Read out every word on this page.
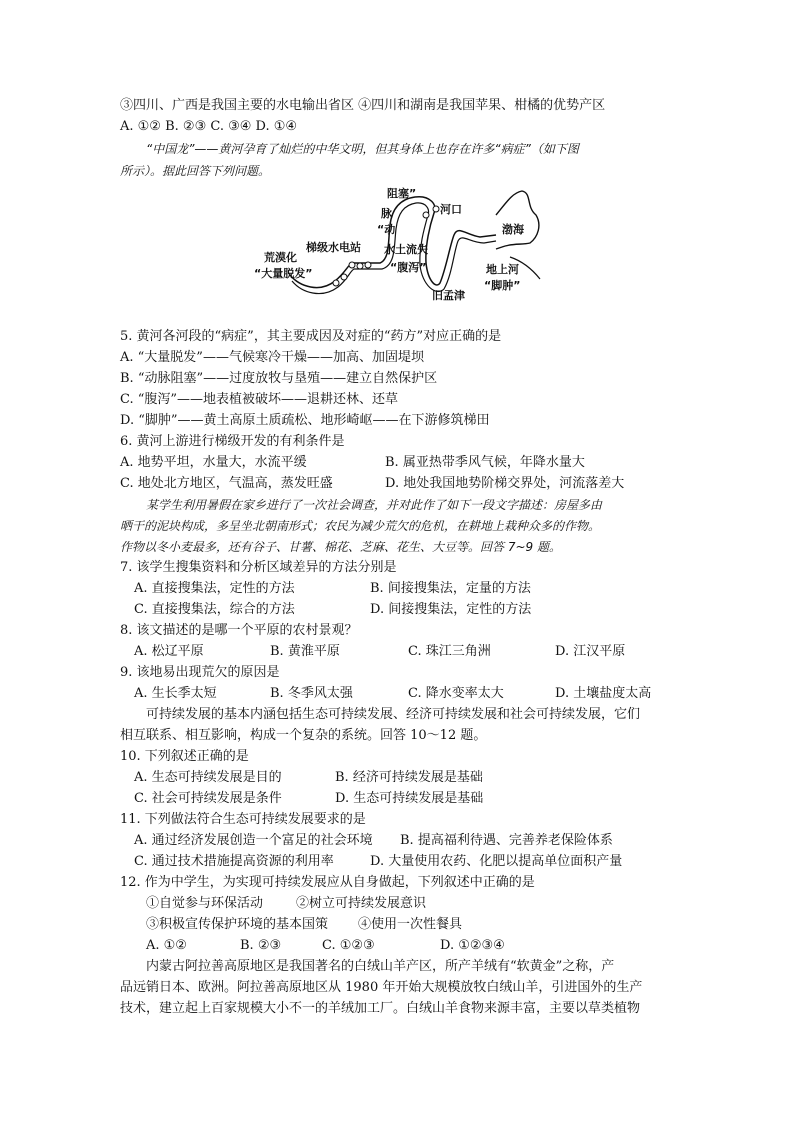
③四川、广西是我国主要的水电输出省区 ④四川和湖南是我国苹果、柑橘的优势产区
A. ①② B. ②③ C. ③④ D. ①④
“中国龙”——黄河孕育了灿烂的中华文明，但其身体上也存在许多“病症”（如下图
所示）。据此回答下列问题。
阻塞”
脉
“动
河口
渤海
梯级水电站 水土流失
“腹泻”
荒漠化
“大量脱发”	地上河
“脚肿”
旧孟津
5. 黄河各河段的“病症”，其主要成因及对症的“药方”对应正确的是
A. “大量脱发”——气候寒冷干燥——加高、加固堤坝
B. “动脉阻塞”——过度放牧与垦殖——建立自然保护区
C. “腹泻”——地表植被破坏——退耕还林、还草
D. “脚肿”——黄土高原土质疏松、地形崎岖——在下游修筑梯田
6. 黄河上游进行梯级开发的有利条件是
A. 地势平坦，水量大，水流平缓	B. 属亚热带季风气候，年降水量大
C. 地处北方地区，气温高，蒸发旺盛	D. 地处我国地势阶梯交界处，河流落差大
某学生利用暑假在家乡进行了一次社会调查，并对此作了如下一段文字描述：房屋多由
晒干的泥块构成，多呈坐北朝南形式；农民为减少荒欠的危机，在耕地上栽种众多的作物。
作物以冬小麦最多，还有谷子、甘薯、棉花、芝麻、花生、大豆等。回答 7~9 题。
7. 该学生搜集资料和分析区域差异的方法分别是
A. 直接搜集法，定性的方法	B. 间接搜集法，定量的方法
C. 直接搜集法，综合的方法	D. 间接搜集法，定性的方法
8. 该文描述的是哪一个平原的农村景观？
A. 松辽平原	B. 黄淮平原	C. 珠江三角洲	D. 江汉平原
9. 该地易出现荒欠的原因是
A. 生长季太短	B. 冬季风太强	C. 降水变率太大	D. 土壤盐度太高
可持续发展的基本内涵包括生态可持续发展、经济可持续发展和社会可持续发展，它们
相互联系、相互影响，构成一个复杂的系统。回答 10～12 题。
10. 下列叙述正确的是
A. 生态可持续发展是目的	B. 经济可持续发展是基础
C. 社会可持续发展是条件	D. 生态可持续发展是基础
11. 下列做法符合生态可持续发展要求的是
A. 通过经济发展创造一个富足的社会环境 B. 提高福利待遇、完善养老保险体系
C. 通过技术措施提高资源的利用率	D. 大量使用农药、化肥以提高单位面积产量
12. 作为中学生，为实现可持续发展应从自身做起，下列叙述中正确的是
①自觉参与环保活动	②树立可持续发展意识
③积极宣传保护环境的基本国策 ④使用一次性餐具
A. ①②	B. ②③	C. ①②③	D. ①②③④
内蒙古阿拉善高原地区是我国著名的白绒山羊产区，所产羊绒有“软黄金”之称，产
品远销日本、欧洲。阿拉善高原地区从 1980 年开始大规模放牧白绒山羊，引进国外的生产
技术，建立起上百家规模大小不一的羊绒加工厂。白绒山羊食物来源丰富，主要以草类植物
